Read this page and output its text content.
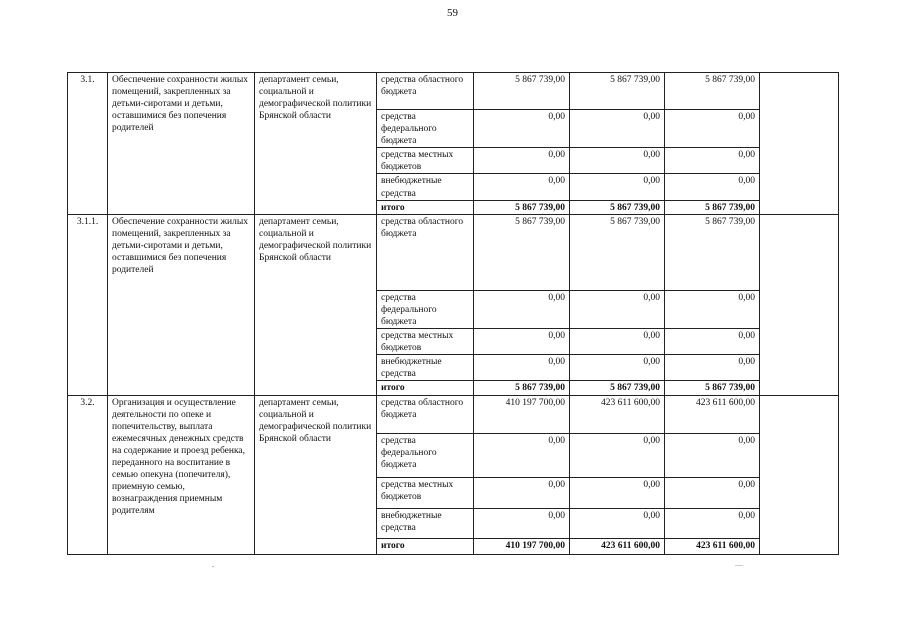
59
3.1.	Обеспечение сохранности жилых помещений, закрепленных за детьми-сиротами и детьми, оставшимися без попечения родителей	департамент семьи, социальной и демографической политики Брянской области	средства областного бюджета	5 867 739,00	5 867 739,00	5 867 739,00	
			средства федерального бюджета	0,00	0,00	0,00	
			средства местных бюджетов	0,00	0,00	0,00	
			внебюджетные средства	0,00	0,00	0,00	
			итого	5 867 739,00	5 867 739,00	5 867 739,00	
3.1.1.	Обеспечение сохранности жилых помещений, закрепленных за детьми-сиротами и детьми, оставшимися без попечения родителей	департамент семьи, социальной и демографической политики Брянской области	средства областного бюджета	5 867 739,00	5 867 739,00	5 867 739,00	
			средства федерального бюджета	0,00	0,00	0,00	
			средства местных бюджетов	0,00	0,00	0,00	
			внебюджетные средства	0,00	0,00	0,00	
			итого	5 867 739,00	5 867 739,00	5 867 739,00	
3.2.	Организация и осуществление деятельности по опеке и попечительству, выплата ежемесячных денежных средств на содержание и проезд ребенка, переданного на воспитание в семью опекуна (попечителя), приемную семью, вознаграждения приемным родителям	департамент семьи, социальной и демографической политики Брянской области	средства областного бюджета	410 197 700,00	423 611 600,00	423 611 600,00	
			средства федерального бюджета	0,00	0,00	0,00	
			средства местных бюджетов	0,00	0,00	0,00	
			внебюджетные средства	0,00	0,00	0,00	
			итого	410 197 700,00	423 611 600,00	423 611 600,00	
